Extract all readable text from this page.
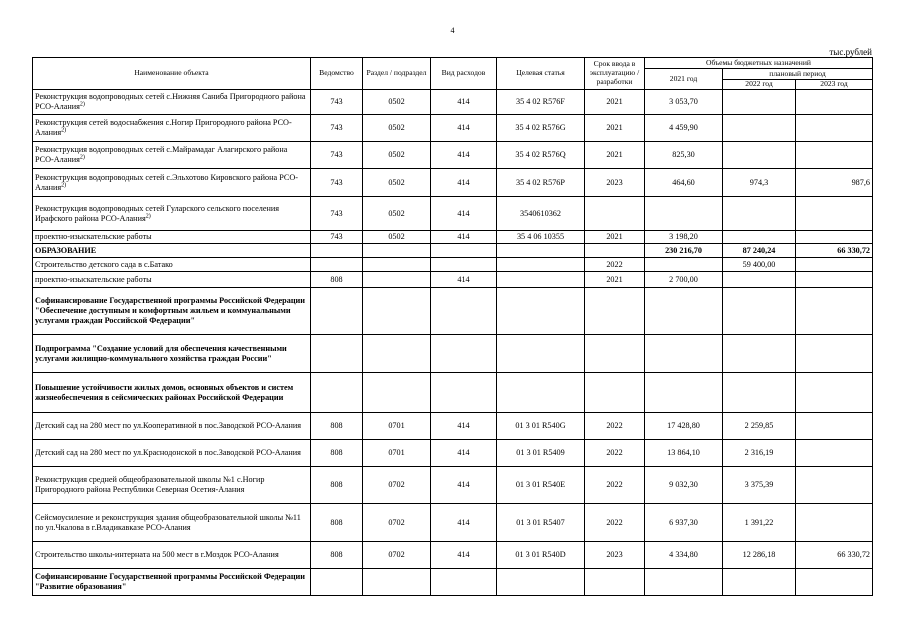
4
тыс.рублей
Наименование объекта	Ведомство	Раздел / подраздел	Вид расходов	Целевая статья	Срок ввода в эксплуатацию / разработки	Объемы бюджетных назначений		
						2021 год	плановый период	
							2022 год	2023 год
Реконструкция водопроводных сетей с.Нижняя Саниба Пригородного района РСО-Алания$^{2)}$	743	0502	414	35 4 02 R576F	2021	3 053,70		
Реконструкция сетей водоснабжения с.Ногир Пригородного района РСО-Алания$^{2)}$	743	0502	414	35 4 02 R576G	2021	4 459,90		
Реконструкция водопроводных сетей с.Майрамадаг Алагирского района РСО-Алания$^{2)}$	743	0502	414	35 4 02 R576Q	2021	825,30		
Реконструкция водопроводных сетей с.Эльхотово Кировского района РСО-Алания$^{2)}$	743	0502	414	35 4 02 R576P	2023	464,60	974,3	987,6
Реконструкция водопроводных сетей Гуларского сельского поселения Ирафского района РСО-Алания$^{2)}$	743	0502	414	3540610362				
проектно-изыскательские работы	743	0502	414	35 4 06 10355	2021	3 198,20		
ОБРАЗОВАНИЕ						230 216,70	87 240,24	66 330,72
Строительство детского сада в с.Батако					2022		59 400,00	
проектно-изыскательские работы	808		414		2021	2 700,00		
Софинансирование Государственной программы Российской Федерации "Обеспечение доступным и комфортным жильем и коммунальными услугами граждан Российской Федерации"								
Подпрограмма "Создание условий для обеспечения качественными услугами жилищно-коммунального хозяйства граждан России"								
Повышение устойчивости жилых домов, основных объектов и систем жизнеобеспечения в сейсмических районах Российской Федерации								
Детский сад на 280 мест по ул.Кооперативной в пос.Заводской РСО-Алания	808	0701	414	01 3 01 R540G	2022	17 428,80	2 259,85	
Детский сад на 280 мест по ул.Краснодонской в пос.Заводской РСО-Алания	808	0701	414	01 3 01 R5409	2022	13 864,10	2 316,19	
Реконструкция средней общеобразовательной школы №1 с.Ногир Пригородного района Республики Северная Осетия-Алания	808	0702	414	01 3 01 R540E	2022	9 032,30	3 375,39	
Сейсмоусиление и реконструкция здания общеобразовательной школы №11 по ул.Чкалова в г.Владикавказе РСО-Алания	808	0702	414	01 3 01 R5407	2022	6 937,30	1 391,22	
Строительство школы-интерната на 500 мест в г.Моздок РСО-Алания	808	0702	414	01 3 01 R540D	2023	4 334,80	12 286,18	66 330,72
Софинансирование Государственной программы Российской Федерации "Развитие образования"								
